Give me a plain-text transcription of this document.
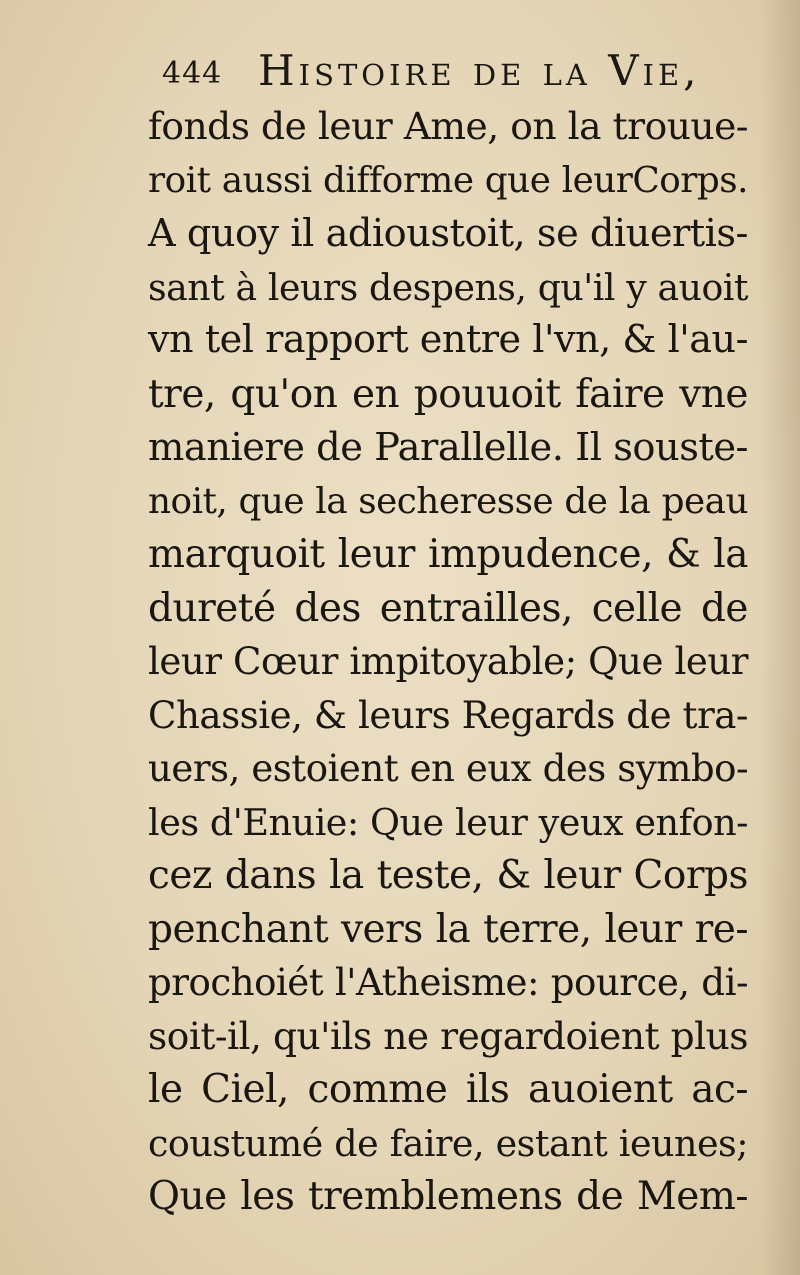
444 Histoire de la Vie,
fonds de leur Ame, on la trouue-
roit aussi difforme que leurCorps.
A quoy il adioustoit, se diuertis-
sant à leurs despens, qu'il y auoit
vn tel rapport entre l'vn, & l'au-
tre, qu'on en pouuoit faire vne
maniere de Parallelle. Il souste-
noit, que la secheresse de la peau
marquoit leur impudence, & la
dureté des entrailles, celle de
leur Cœur impitoyable; Que leur
Chassie, & leurs Regards de tra-
uers, estoient en eux des symbo-
les d'Enuie: Que leur yeux enfon-
cez dans la teste, & leur Corps
penchant vers la terre, leur re-
prochoiét l'Atheisme: pource, di-
soit-il, qu'ils ne regardoient plus
le Ciel, comme ils auoient ac-
coustumé de faire, estant ieunes;
Que les tremblemens de Mem-
